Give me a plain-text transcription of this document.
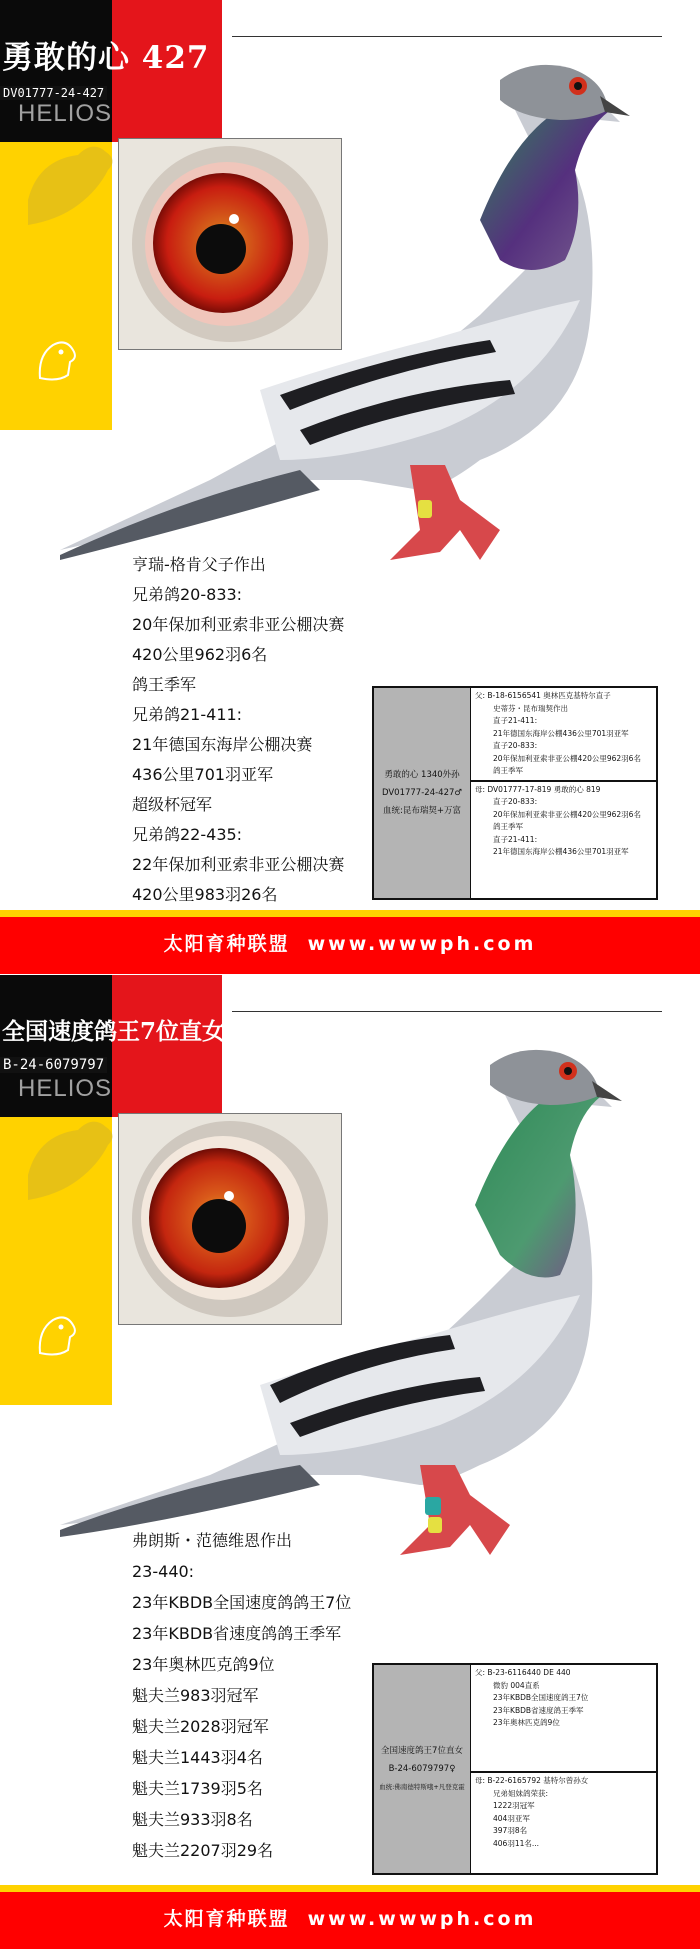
勇敢的心 427
DV01777-24-427
HELIOS
亨瑞-格肯父子作出
兄弟鸽20-833:
20年保加利亚索非亚公棚决赛
420公里962羽6名
鸽王季军
兄弟鸽21-411:
21年德国东海岸公棚决赛
436公里701羽亚军
超级杯冠军
兄弟鸽22-435:
22年保加利亚索非亚公棚决赛
420公里983羽26名
勇敢的心 1340外孙
DV01777-24-427♂
血统:昆布瑞契+万富
父: B-18-6156541 奥林匹克基特尔直子
史蒂芬・昆布瑞契作出
直子21-411:
21年德国东海岸公棚436公里701羽亚军
直子20-833:
20年保加利亚索非亚公棚420公里962羽6名
鸽王季军
母: DV01777-17-819 勇敢的心 819
直子20-833:
20年保加利亚索非亚公棚420公里962羽6名
鸽王季军
直子21-411:
21年德国东海岸公棚436公里701羽亚军
太阳育种联盟 www.wwwph.com
全国速度鸽王7位直女
B-24-6079797
HELIOS
弗朗斯・范德维恩作出
23-440:
23年KBDB全国速度鸽鸽王7位
23年KBDB省速度鸽鸽王季军
23年奥林匹克鸽9位
魁夫兰983羽冠军
魁夫兰2028羽冠军
魁夫兰1443羽4名
魁夫兰1739羽5名
魁夫兰933羽8名
魁夫兰2207羽29名
全国速度鸽王7位直女
B-24-6079797♀
血统:佛南德特斯哦+凡登克霍
父: B-23-6116440 DE 440
微豹 004直系
23年KBDB全国速度鸽王7位
23年KBDB省速度鸽王季军
23年奥林匹克鸽9位
母: B-22-6165792 基特尔曾孙女
兄弟姐妹鸽荣获:
1222羽冠军
404羽亚军
397羽8名
406羽11名...
太阳育种联盟 www.wwwph.com
